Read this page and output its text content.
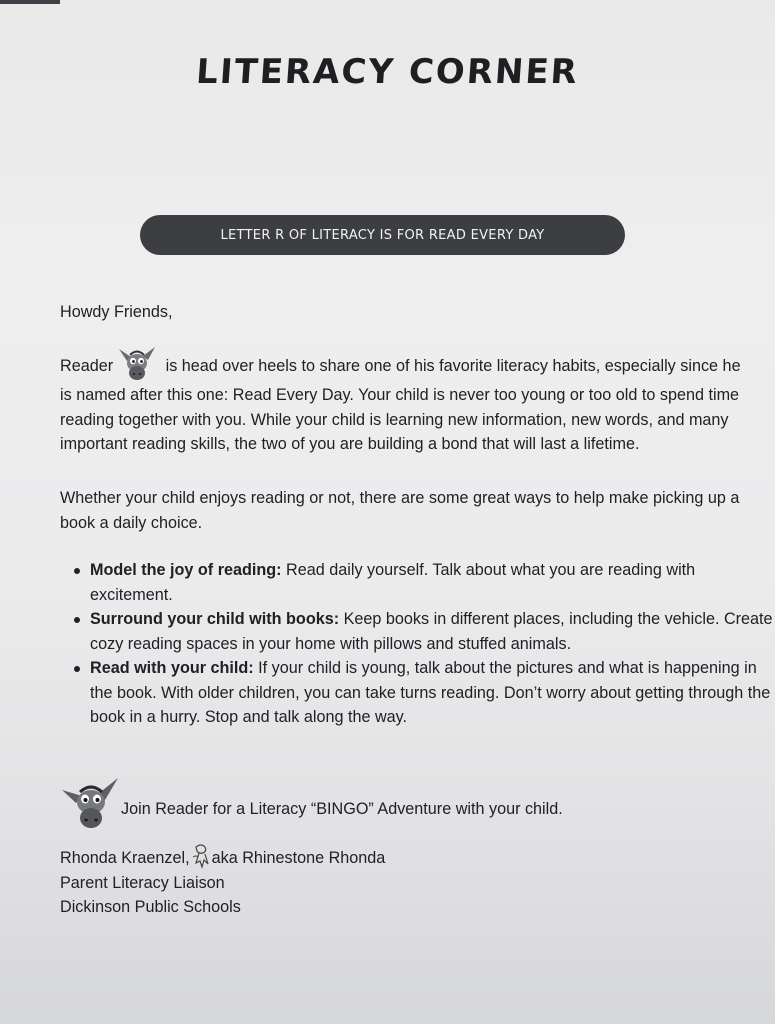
LITERACY CORNER
LETTER R OF LITERACY IS FOR READ EVERY DAY
Howdy Friends,
Reader	is head over heels to share one of his favorite literacy habits, especially since he is named after this one: Read Every Day. Your child is never too young or too old to spend time reading together with you. While your child is learning new information, new words, and many important reading skills, the two of you are building a bond that will last a lifetime.
Whether your child enjoys reading or not, there are some great ways to help make picking up a book a daily choice.
Model the joy of reading: Read daily yourself. Talk about what you are reading with excitement.
Surround your child with books: Keep books in different places, including the vehicle. Create cozy reading spaces in your home with pillows and stuffed animals.
Read with your child: If your child is young, talk about the pictures and what is happening in the book. With older children, you can take turns reading. Don’t worry about getting through the book in a hurry. Stop and talk along the way.
Join Reader for a Literacy “BINGO” Adventure with your child.
Rhonda Kraenzel, aka Rhinestone Rhonda
Parent Literacy Liaison
Dickinson Public Schools
